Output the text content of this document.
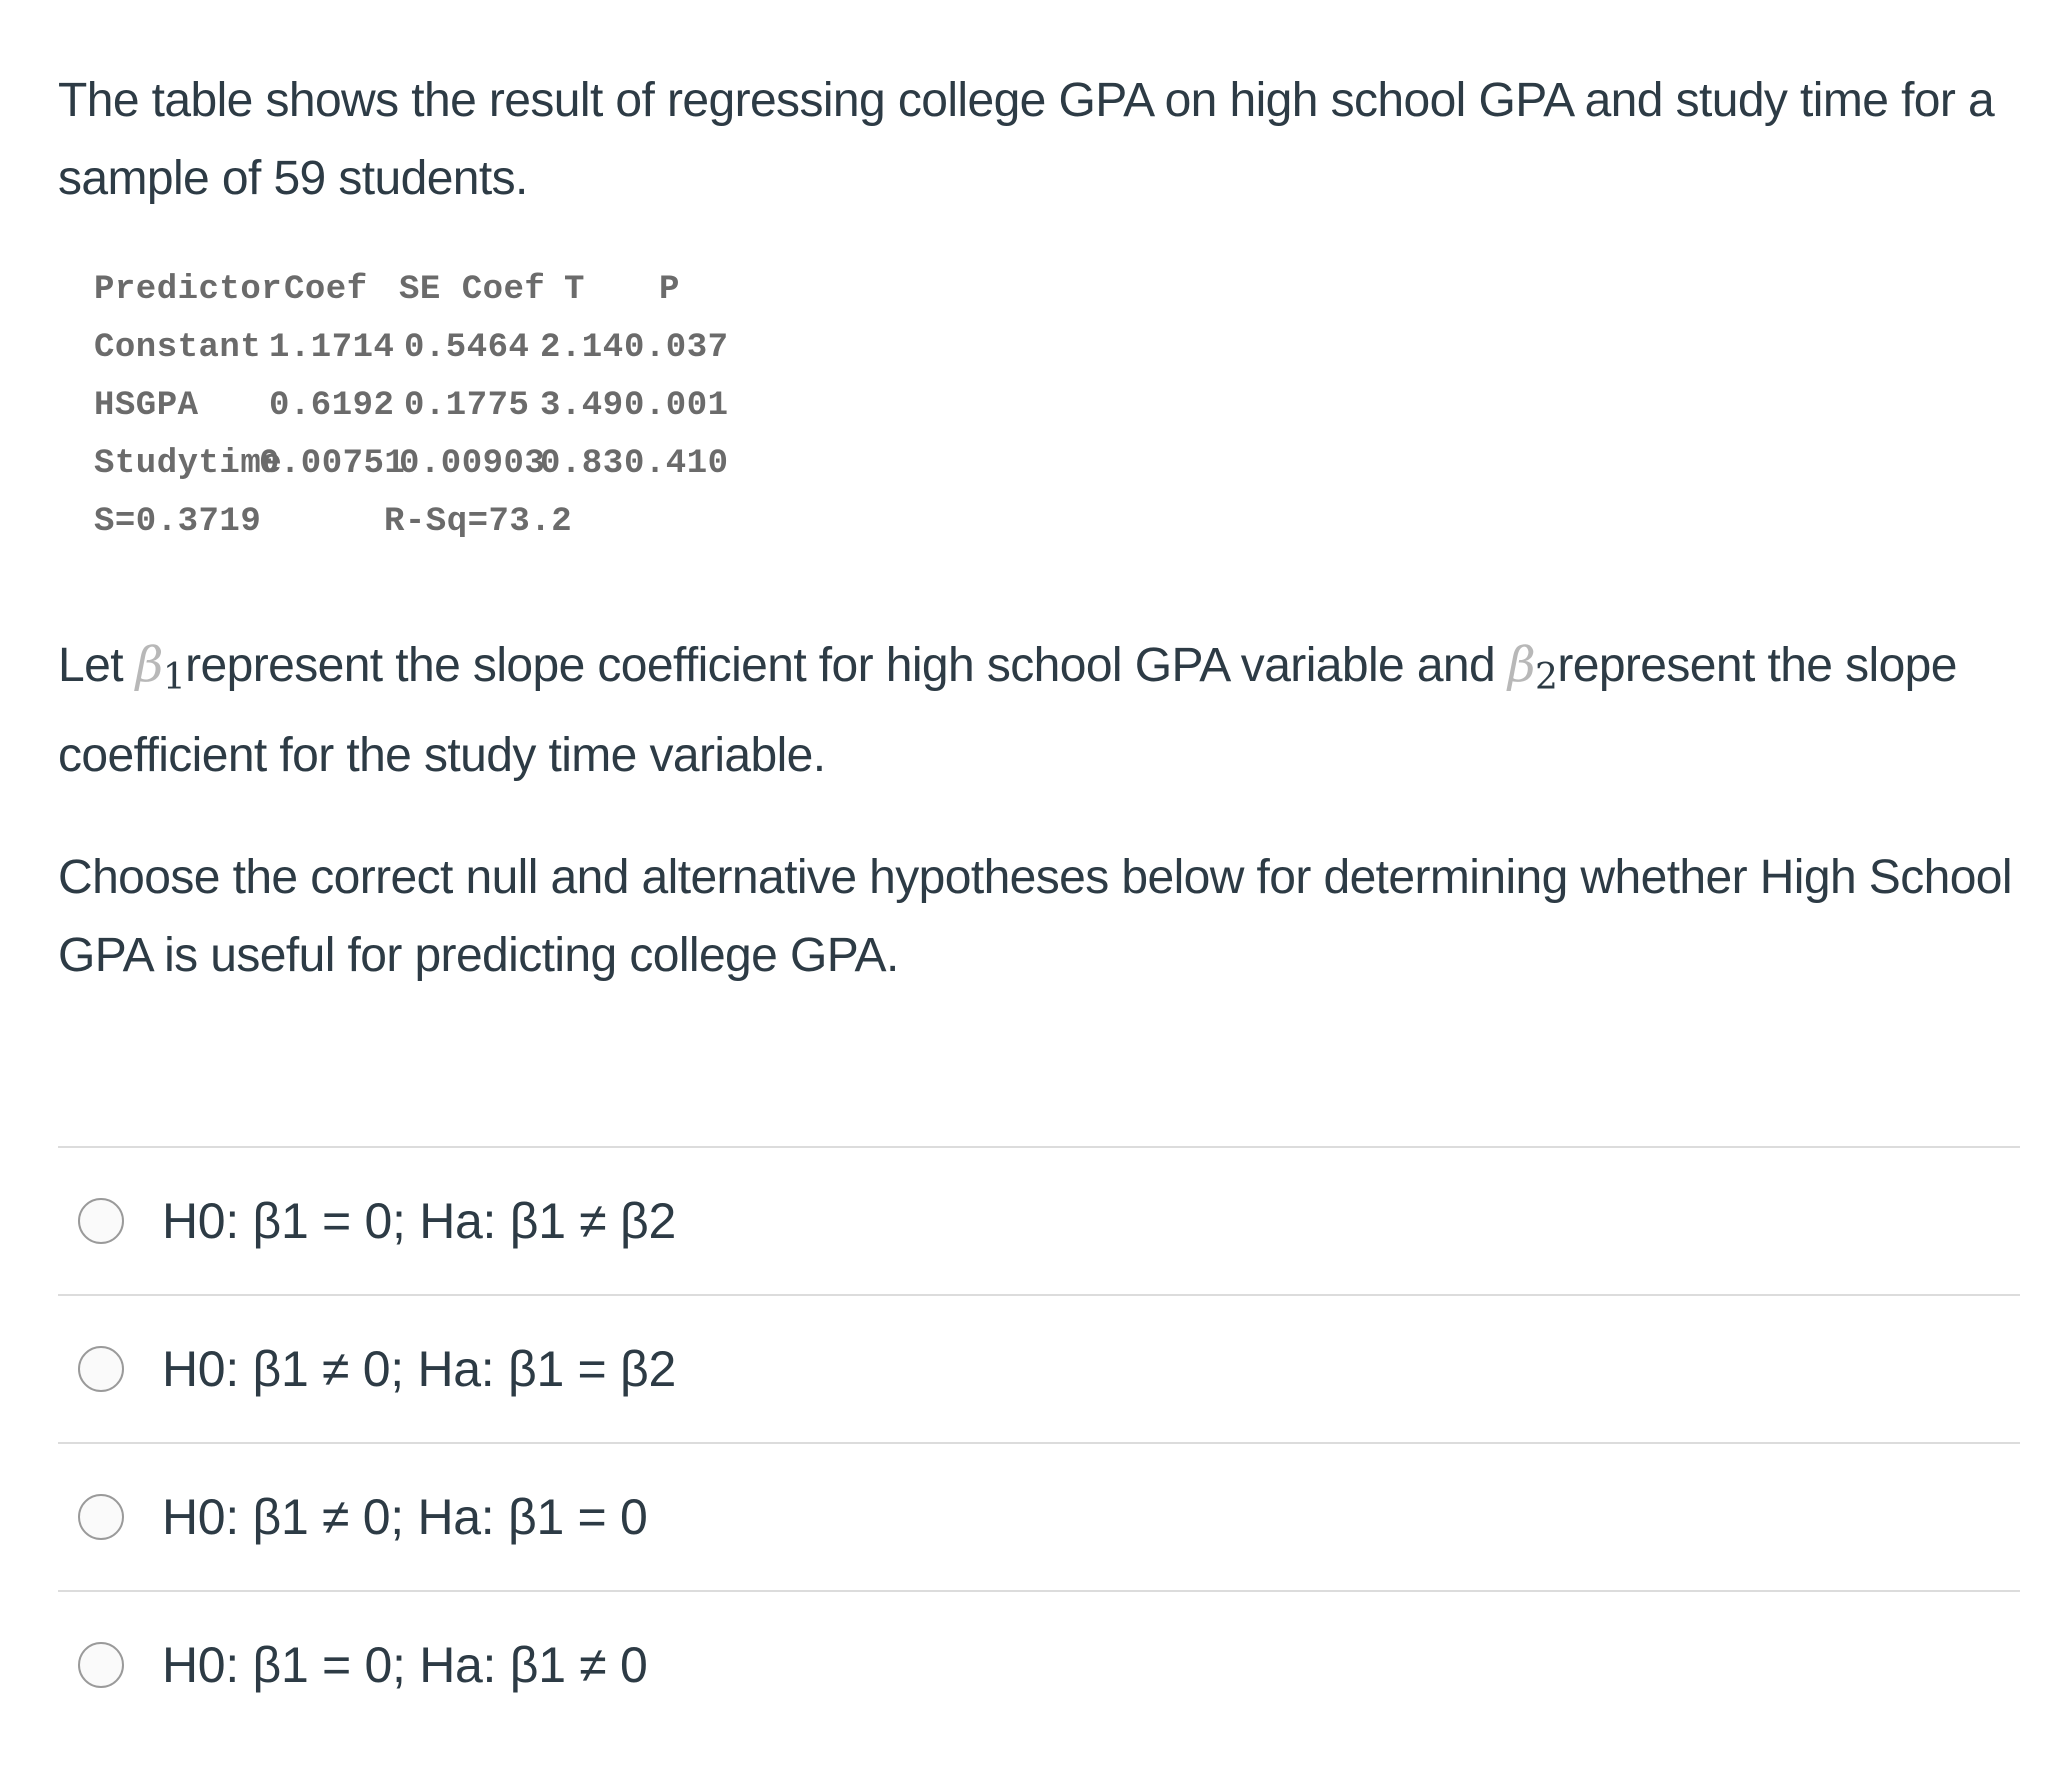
The table shows the result of regressing college GPA on high school GPA and study time for a sample of 59 students.

Predictor Coef SE Coef T P
Constant 1.1714 0.5464 2.14 0.037
HSGPA 0.6192 0.1775 3.49 0.001
Studytime
0.00751
0.00903
0.83 0.410
S=0.3719	R-Sq=73.2

Let $\beta_1represent$ the slope coefficient for high school GPA variable and $\beta_2represent$ the slope coefficient for the study time variable.

Choose the correct null and alternative hypotheses below for determining whether High School GPA is useful for predicting college GPA.

H0: β1 = 0; Ha: β1 ≠ β2
H0: β1 ≠ 0; Ha: β1 = β2
H0: β1 ≠ 0; Ha: β1 = 0
H0: β1 = 0; Ha: β1 ≠ 0
